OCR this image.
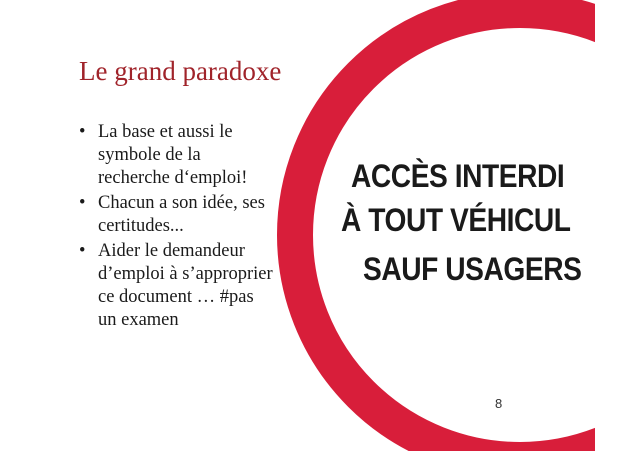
ACCÈS INTERDI
À TOUT VÉHICUL
SAUF USAGERS
Le grand paradoxe
• La base et aussi le
symbole de la
recherche d‘emploi!
• Chacun a son idée, ses
certitudes...
• Aider le demandeur
d’emploi à s’approprier
ce document … #pas
un examen
8
